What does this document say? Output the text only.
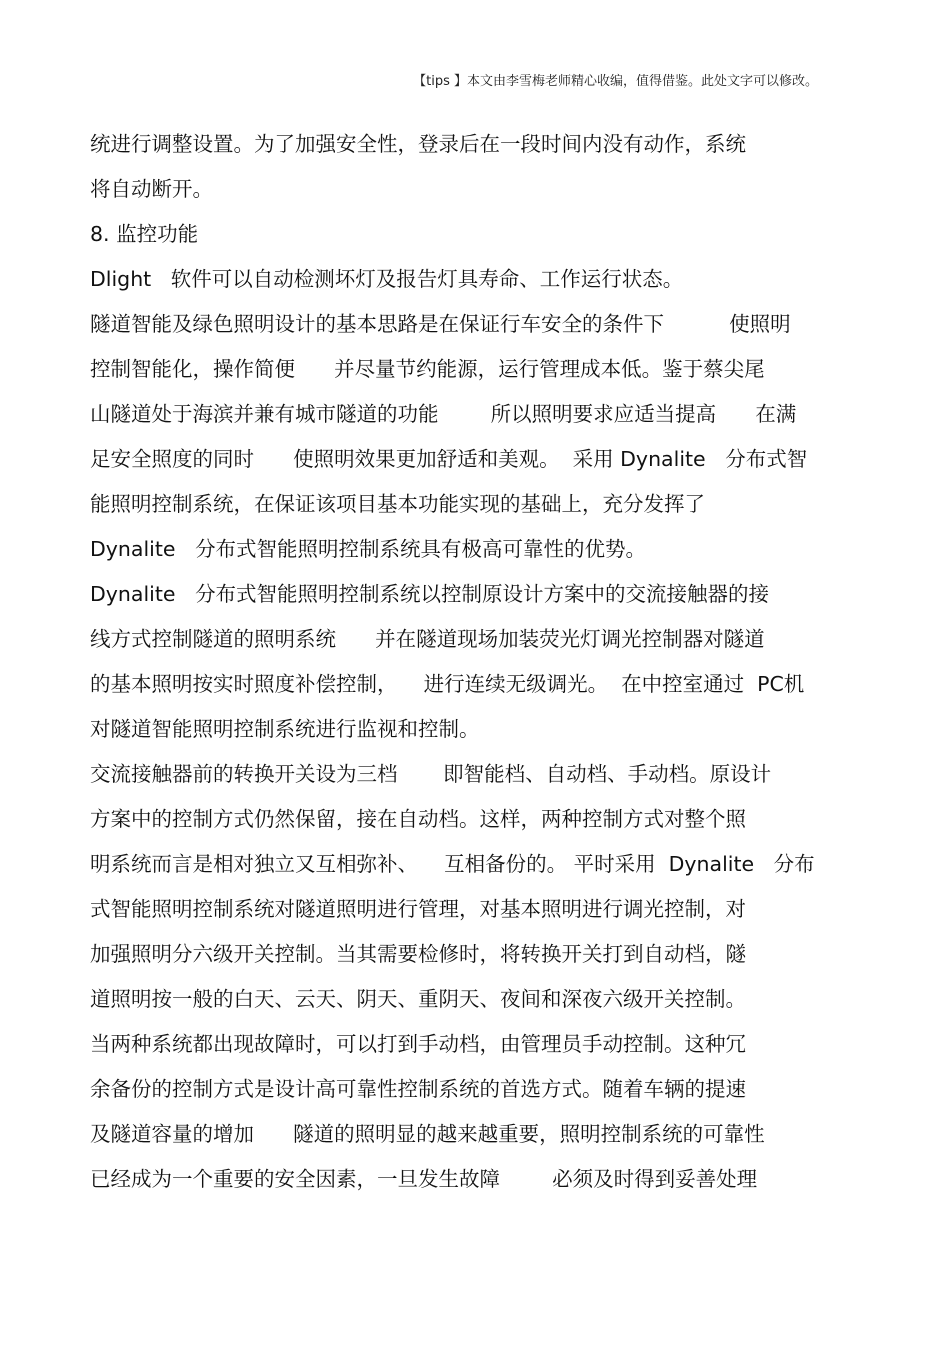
【tips 】本文由李雪梅老师精心收编，值得借鉴。此处文字可以修改。
统进行调整设置。为了加强安全性，登录后在一段时间内没有动作，系统
将自动断开。
8. 监控功能
Dlight   软件可以自动检测坏灯及报告灯具寿命、工作运行状态。
隧道智能及绿色照明设计的基本思路是在保证行车安全的条件下          使照明
控制智能化，操作简便      并尽量节约能源，运行管理成本低。鉴于蔡尖尾
山隧道处于海滨并兼有城市隧道的功能        所以照明要求应适当提高      在满
足安全照度的同时      使照明效果更加舒适和美观。  采用 Dynalite   分布式智
能照明控制系统，在保证该项目基本功能实现的基础上，充分发挥了
Dynalite   分布式智能照明控制系统具有极高可靠性的优势。
Dynalite   分布式智能照明控制系统以控制原设计方案中的交流接触器的接
线方式控制隧道的照明系统      并在隧道现场加装荧光灯调光控制器对隧道
的基本照明按实时照度补偿控制，    进行连续无级调光。  在中控室通过  PC机
对隧道智能照明控制系统进行监视和控制。
交流接触器前的转换开关设为三档       即智能档、自动档、手动档。原设计
方案中的控制方式仍然保留，接在自动档。这样，两种控制方式对整个照
明系统而言是相对独立又互相弥补、    互相备份的。 平时采用  Dynalite   分布
式智能照明控制系统对隧道照明进行管理，对基本照明进行调光控制，对
加强照明分六级开关控制。当其需要检修时，将转换开关打到自动档，隧
道照明按一般的白天、云天、阴天、重阴天、夜间和深夜六级开关控制。
当两种系统都出现故障时，可以打到手动档，由管理员手动控制。这种冗
余备份的控制方式是设计高可靠性控制系统的首选方式。随着车辆的提速
及隧道容量的增加      隧道的照明显的越来越重要，照明控制系统的可靠性
已经成为一个重要的安全因素，一旦发生故障        必须及时得到妥善处理
